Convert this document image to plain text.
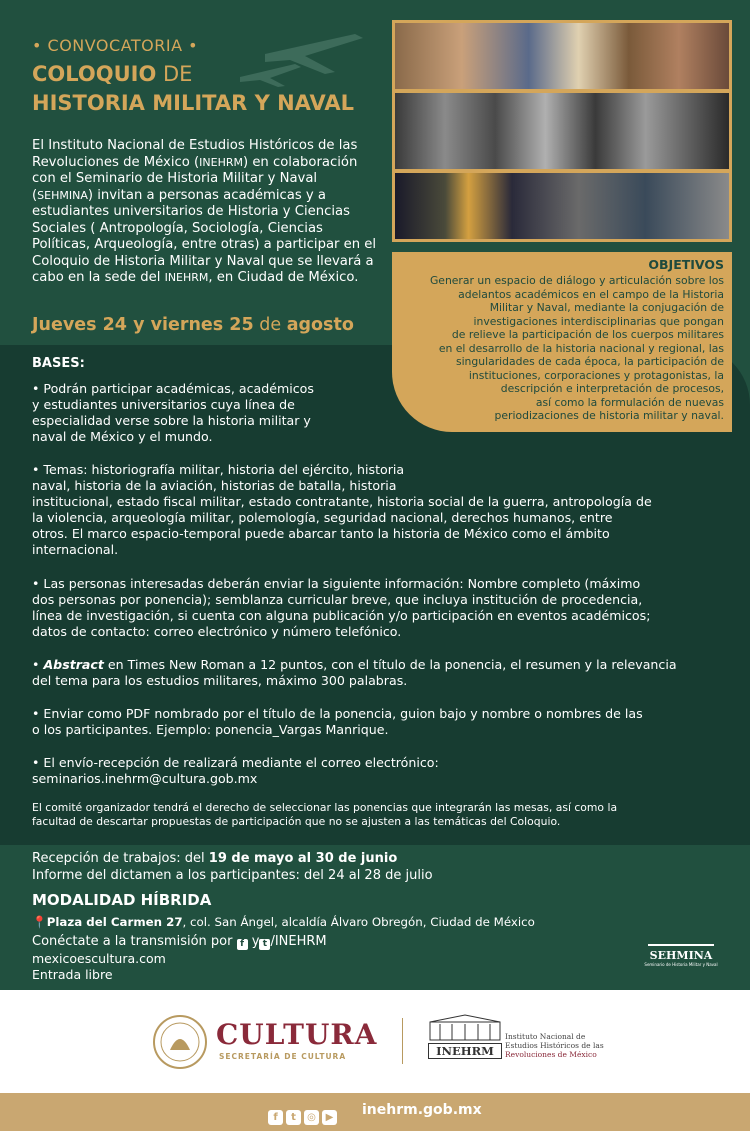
• CONVOCATORIA •
COLOQUIO DE
HISTORIA MILITAR Y NAVAL
El Instituto Nacional de Estudios Históricos de las Revoluciones de México (INEHRM) en colaboración con el Seminario de Historia Militar y Naval (SEHMINA) invitan a personas académicas y a estudiantes universitarios de Historia y Ciencias Sociales ( Antropología, Sociología, Ciencias Políticas, Arqueología, entre otras) a participar en el Coloquio de Historia Militar y Naval que se llevará a cabo en la sede del INEHRM, en Ciudad de México.
Jueves 24 y viernes 25 de agosto
OBJETIVOS
Generar un espacio de diálogo y articulación sobre los
adelantos académicos en el campo de la Historia
Militar y Naval, mediante la conjugación de
investigaciones interdisciplinarias que pongan
de relieve la participación de los cuerpos militares
en el desarrollo de la historia nacional y regional, las
singularidades de cada época, la participación de
instituciones, corporaciones y protagonistas, la
descripción e interpretación de procesos,
así como la formulación de nuevas
periodizaciones de historia militar y naval.
BASES:
• Podrán participar académicas, académicos
y estudiantes universitarios cuya línea de
especialidad verse sobre la historia militar y
naval de México y el mundo.
• Temas: historiografía militar, historia del ejército, historia
naval, historia de la aviación, historias de batalla, historia
institucional, estado fiscal militar, estado contratante, historia social de la guerra, antropología de
la violencia, arqueología militar, polemología, seguridad nacional, derechos humanos, entre
otros. El marco espacio-temporal puede abarcar tanto la historia de México como el ámbito
internacional.
• Las personas interesadas deberán enviar la siguiente información: Nombre completo (máximo
dos personas por ponencia); semblanza curricular breve, que incluya institución de procedencia,
línea de investigación, si cuenta con alguna publicación y/o participación en eventos académicos;
datos de contacto: correo electrónico y número telefónico.
• Abstract en Times New Roman a 12 puntos, con el título de la ponencia, el resumen y la relevancia
del tema para los estudios militares, máximo 300 palabras.
• Enviar como PDF nombrado por el título de la ponencia, guion bajo y nombre o nombres de las
o los participantes. Ejemplo: ponencia_Vargas Manrique.
• El envío-recepción de realizará mediante el correo electrónico:
seminarios.inehrm@cultura.gob.mx
El comité organizador tendrá el derecho de seleccionar las ponencias que integrarán las mesas, así como la
facultad de descartar propuestas de participación que no se ajusten a las temáticas del Coloquio.
Recepción de trabajos: del 19 de mayo al 30 de junio
Informe del dictamen a los participantes: del 24 al 28 de julio
MODALIDAD HÍBRIDA
📍Plaza del Carmen 27, col. San Ángel, alcaldía Álvaro Obregón, Ciudad de México
Conéctate a la transmisión por f y t /INEHRM
mexicoescultura.com
Entrada libre
SEHMINA
Seminario de Historia Militar y Naval
CULTURA
SECRETARÍA DE CULTURA	INEHRM
Instituto Nacional de
Estudios Históricos de las
Revoluciones de México
f t ◎ ▶	inehrm.gob.mx
